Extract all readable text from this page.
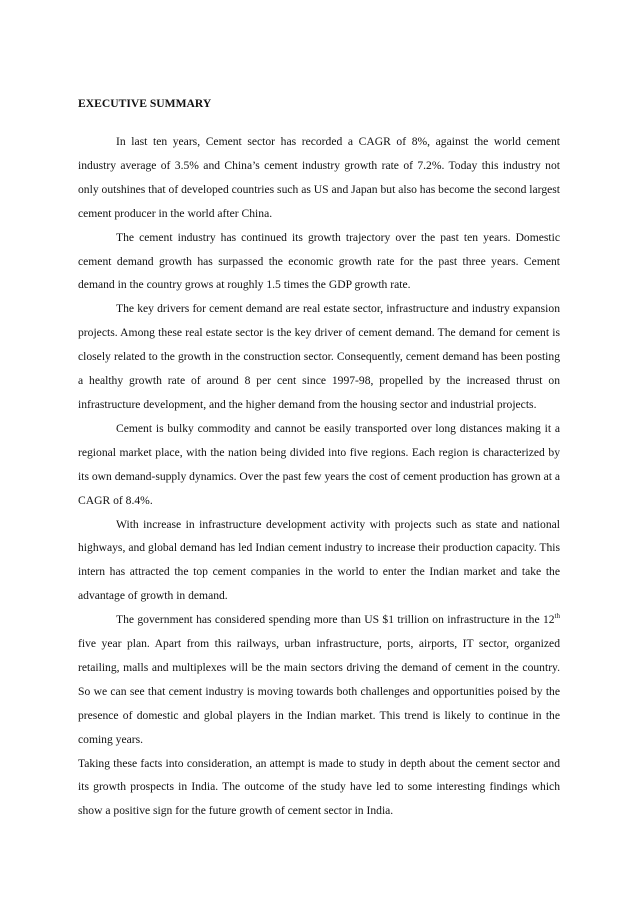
EXECUTIVE SUMMARY

In last ten years, Cement sector has recorded a CAGR of 8%, against the world cement industry average of 3.5% and China’s cement industry growth rate of 7.2%. Today this industry not only outshines that of developed countries such as US and Japan but also has become the second largest cement producer in the world after China.

The cement industry has continued its growth trajectory over the past ten years. Domestic cement demand growth has surpassed the economic growth rate for the past three years. Cement demand in the country grows at roughly 1.5 times the GDP growth rate.

The key drivers for cement demand are real estate sector, infrastructure and industry expansion projects. Among these real estate sector is the key driver of cement demand. The demand for cement is closely related to the growth in the construction sector. Consequently, cement demand has been posting a healthy growth rate of around 8 per cent since 1997-98, propelled by the increased thrust on infrastructure development, and the higher demand from the housing sector and industrial projects.

Cement is bulky commodity and cannot be easily transported over long distances making it a regional market place, with the nation being divided into five regions. Each region is characterized by its own demand-supply dynamics. Over the past few years the cost of cement production has grown at a CAGR of 8.4%.

With increase in infrastructure development activity with projects such as state and national highways, and global demand has led Indian cement industry to increase their production capacity. This intern has attracted the top cement companies in the world to enter the Indian market and take the advantage of growth in demand.

The government has considered spending more than US $1 trillion on infrastructure in the 12th five year plan. Apart from this railways, urban infrastructure, ports, airports, IT sector, organized retailing, malls and multiplexes will be the main sectors driving the demand of cement in the country. So we can see that cement industry is moving towards both challenges and opportunities poised by the presence of domestic and global players in the Indian market. This trend is likely to continue in the coming years.

Taking these facts into consideration, an attempt is made to study in depth about the cement sector and its growth prospects in India. The outcome of the study have led to some interesting findings which show a positive sign for the future growth of cement sector in India.
